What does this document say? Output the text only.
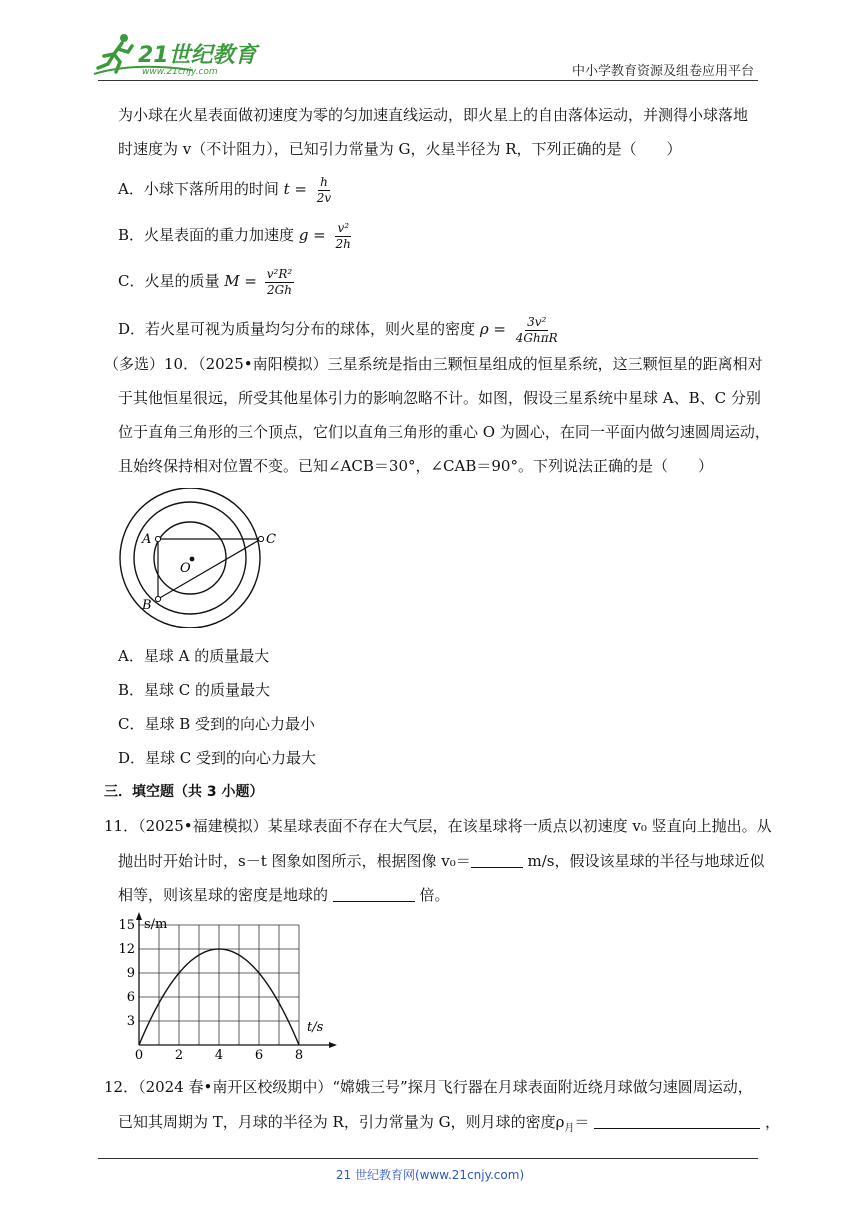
21世纪教育
www.21cnjy.com	中小学教育资源及组卷应用平台
为小球在火星表面做初速度为零的匀加速直线运动，即火星上的自由落体运动，并测得小球落地
时速度为 v（不计阻力），已知引力常量为 G，火星半径为 R，下列正确的是（　　）
A．小球下落所用的时间 $t = \frac{h}{2v}$
B．火星表面的重力加速度 $g = \frac{\text{v²}}{2h}$
C．火星的质量 $M = \frac{\text{v²R²}}{2Gh}$
D．若火星可视为质量均匀分布的球体，则火星的密度 $\rho = \frac{\text{3v²}}{\text{4GhπR}}$
（多选）10．（2025•南阳模拟）三星系统是指由三颗恒星组成的恒星系统，这三颗恒星的距离相对
于其他恒星很远，所受其他星体引力的影响忽略不计。如图，假设三星系统中星球 A、B、C 分别
位于直角三角形的三个顶点，它们以直角三角形的重心 O 为圆心，在同一平面内做匀速圆周运动，
且始终保持相对位置不变。已知∠ACB＝30°，∠CAB＝90°。下列说法正确的是（　　）
A	C
B
O
A．星球 A 的质量最大
B．星球 C 的质量最大
C．星球 B 受到的向心力最小
D．星球 C 受到的向心力最大
三．填空题（共 3 小题）
11．（2025•福建模拟）某星球表面不存在大气层，在该星球将一质点以初速度 v₀ 竖直向上抛出。从
抛出时开始计时，s－t 图象如图所示，根据图像 v₀＝	m/s，假设该星球的半径与地球近似
相等，则该星球的密度是地球的	倍。
0 2 4 6 8
3
6
9
12
15
t/s
s/m
12．（2024 春•南开区校级期中）“嫦娥三号”探月飞行器在月球表面附近绕月球做匀速圆周运动，
已知其周期为 T，月球的半径为 R，引力常量为 G，则月球的密度$\rho_月=$	，
21 世纪教育网(www.21cnjy.com)
